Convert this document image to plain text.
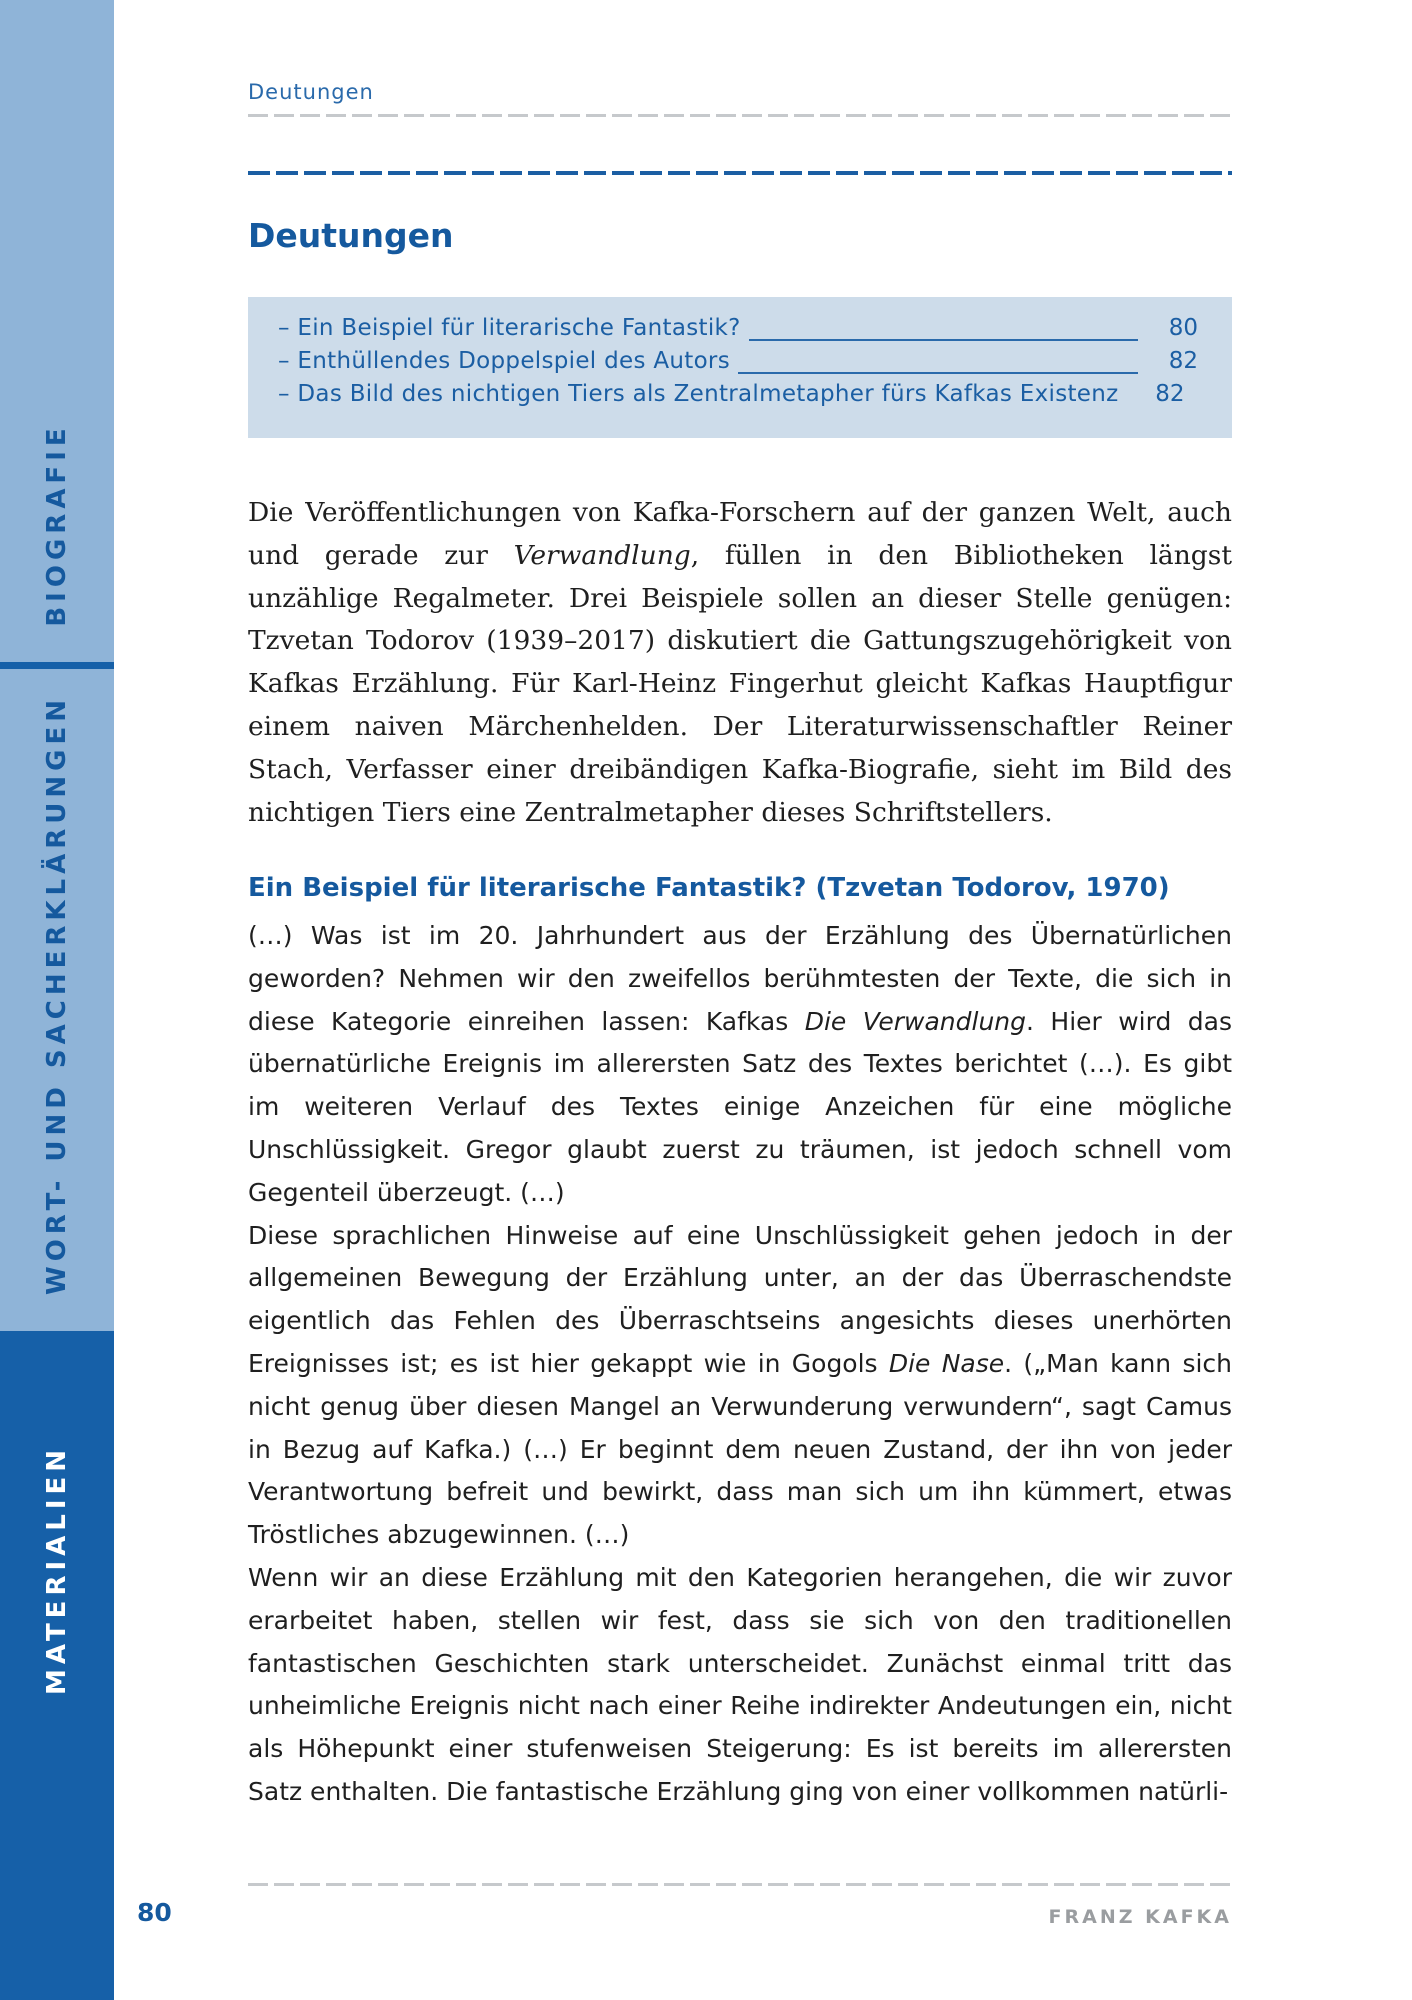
BIOGRAFIE
WORT- UND SACHERKLÄRUNGEN
MATERIALIEN
Deutungen
Deutungen
– Ein Beispiel für literarische Fantastik?	80
– Enthüllendes Doppelspiel des Autors	82
– Das Bild des nichtigen Tiers als Zentralmetapher fürs Kafkas Existenz 82

Die Veröffentlichungen von Kafka-Forschern auf der ganzen Welt, auch und gerade zur Verwandlung, füllen in den Bibliotheken längst unzählige Regalmeter. Drei Beispiele sollen an dieser Stelle genügen: Tzvetan Todorov (1939–2017) diskutiert die Gattungszugehörigkeit von Kafkas Erzählung. Für Karl-Heinz Fingerhut gleicht Kafkas Hauptfigur einem naiven Märchenhelden. Der Literaturwissenschaftler Reiner Stach, Verfasser einer dreibändigen Kafka-Biografie, sieht im Bild des nichtigen Tiers eine Zentralmetapher dieses Schriftstellers.

Ein Beispiel für literarische Fantastik? (Tzvetan Todorov, 1970)

(…) Was ist im 20. Jahrhundert aus der Erzählung des Übernatürlichen geworden? Nehmen wir den zweifellos berühmtesten der Texte, die sich in diese Kategorie einreihen lassen: Kafkas Die Verwandlung. Hier wird das übernatürliche Ereignis im allerersten Satz des Textes berichtet (…). Es gibt im weiteren Verlauf des Textes einige Anzeichen für eine mögliche Unschlüssigkeit. Gregor glaubt zuerst zu träumen, ist jedoch schnell vom Gegenteil überzeugt. (…)

Diese sprachlichen Hinweise auf eine Unschlüssigkeit gehen jedoch in der allgemeinen Bewegung der Erzählung unter, an der das Überraschendste eigentlich das Fehlen des Überraschtseins angesichts dieses unerhörten Ereignisses ist; es ist hier gekappt wie in Gogols Die Nase. („Man kann sich nicht genug über diesen Mangel an Verwunderung verwundern“, sagt Camus in Bezug auf Kafka.) (…) Er beginnt dem neuen Zustand, der ihn von jeder Verantwortung befreit und bewirkt, dass man sich um ihn kümmert, etwas Tröstliches abzugewinnen. (…)

Wenn wir an diese Erzählung mit den Kategorien herangehen, die wir zuvor erarbeitet haben, stellen wir fest, dass sie sich von den traditionellen fantastischen Geschichten stark unterscheidet. Zunächst einmal tritt das unheimliche Ereignis nicht nach einer Reihe indirekter Andeutungen ein, nicht als Höhepunkt einer stufenweisen Steigerung: Es ist bereits im allerersten Satz enthalten. Die fantastische Erzählung ging von einer vollkommen natürli-

80	FRANZ KAFKA
